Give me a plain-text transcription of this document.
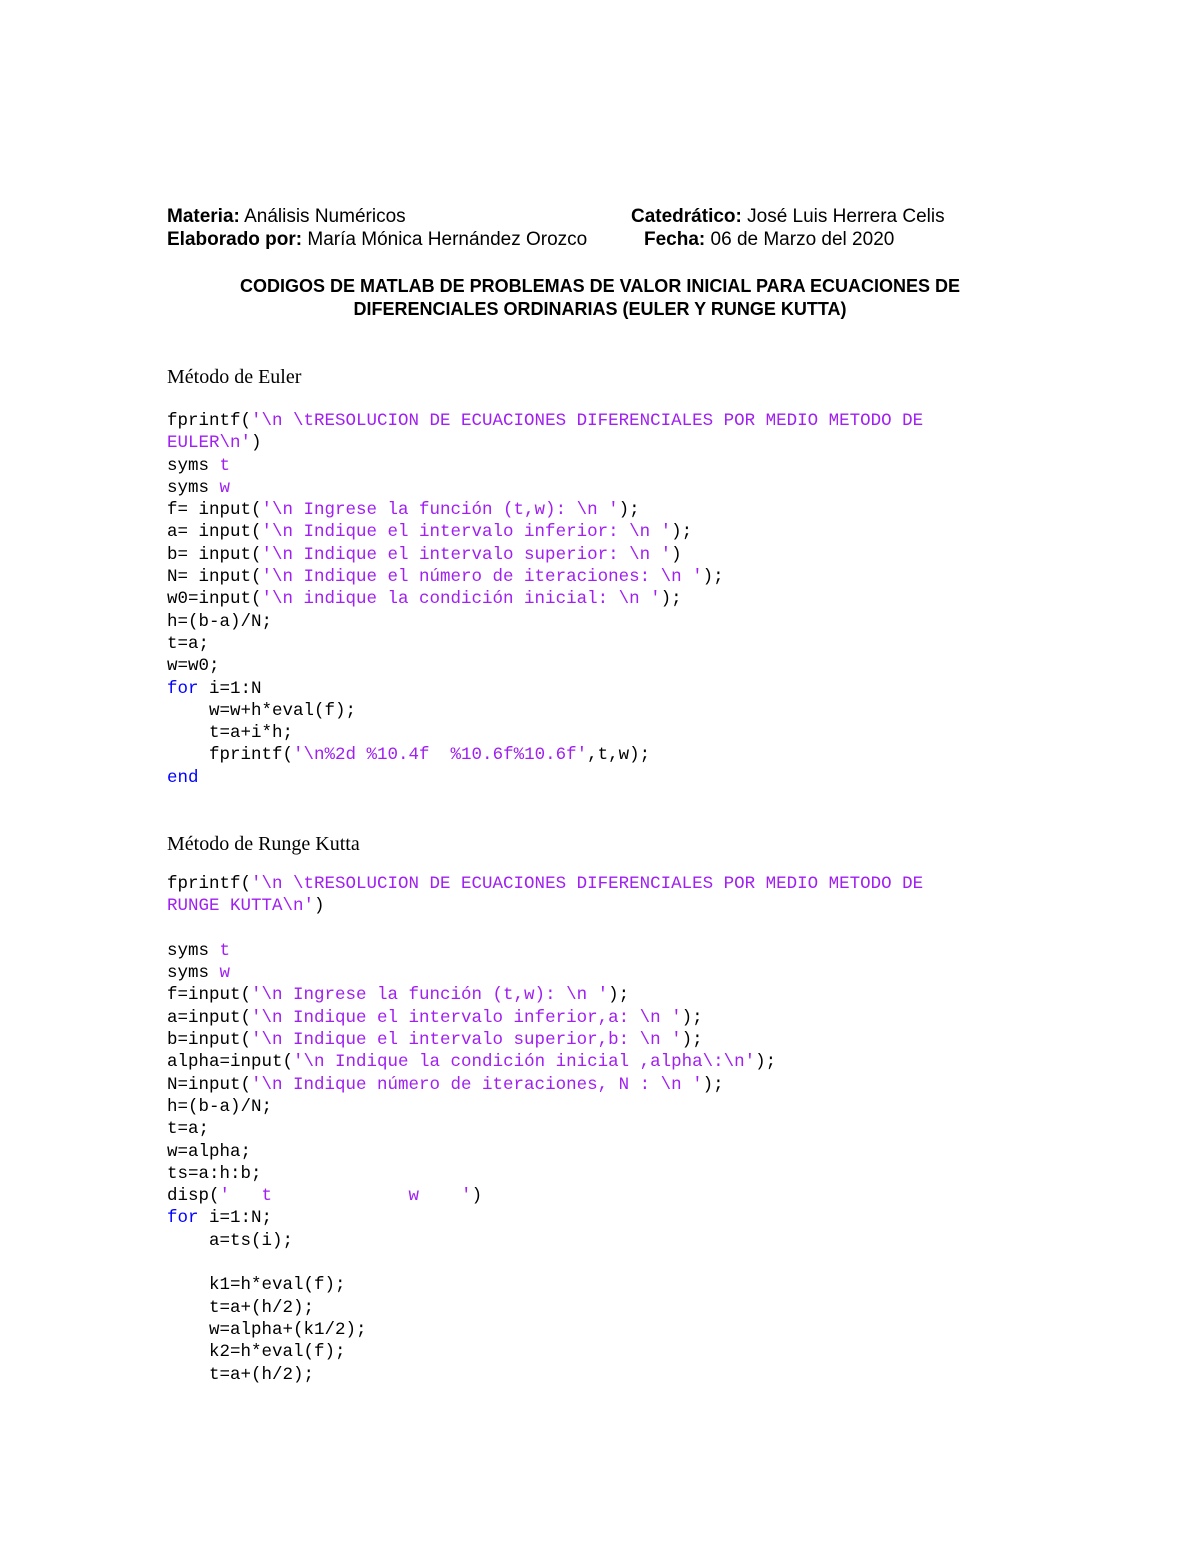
Materia: Análisis Numéricos	Catedrático: José Luis Herrera Celis
Elaborado por: María Mónica Hernández Orozco	Fecha: 06 de Marzo del 2020
CODIGOS DE MATLAB DE PROBLEMAS DE VALOR INICIAL PARA ECUACIONES DE
DIFERENCIALES ORDINARIAS (EULER Y RUNGE KUTTA)
Método de Euler
fprintf('\n \tRESOLUCION DE ECUACIONES DIFERENCIALES POR MEDIO METODO DE
EULER\n')
syms t
syms w
f= input('\n Ingrese la función (t,w): \n ');
a= input('\n Indique el intervalo inferior: \n ');
b= input('\n Indique el intervalo superior: \n ')
N= input('\n Indique el número de iteraciones: \n ');
w0=input('\n indique la condición inicial: \n ');
h=(b-a)/N;
t=a;
w=w0;
for i=1:N
w=w+h*eval(f);
t=a+i*h;
fprintf('\n%2d %10.4f  %10.6f%10.6f',t,w);
end
Método de Runge Kutta
fprintf('\n \tRESOLUCION DE ECUACIONES DIFERENCIALES POR MEDIO METODO DE
RUNGE KUTTA\n')
syms t
syms w
f=input('\n Ingrese la función (t,w): \n ');
a=input('\n Indique el intervalo inferior,a: \n ');
b=input('\n Indique el intervalo superior,b: \n ');
alpha=input('\n Indique la condición inicial ,alpha\:\n');
N=input('\n Indique número de iteraciones, N : \n ');
h=(b-a)/N;
t=a;
w=alpha;
ts=a:h:b;
disp('   t             w    ')
for i=1:N;
a=ts(i);
k1=h*eval(f);
t=a+(h/2);
w=alpha+(k1/2);
k2=h*eval(f);
t=a+(h/2);
